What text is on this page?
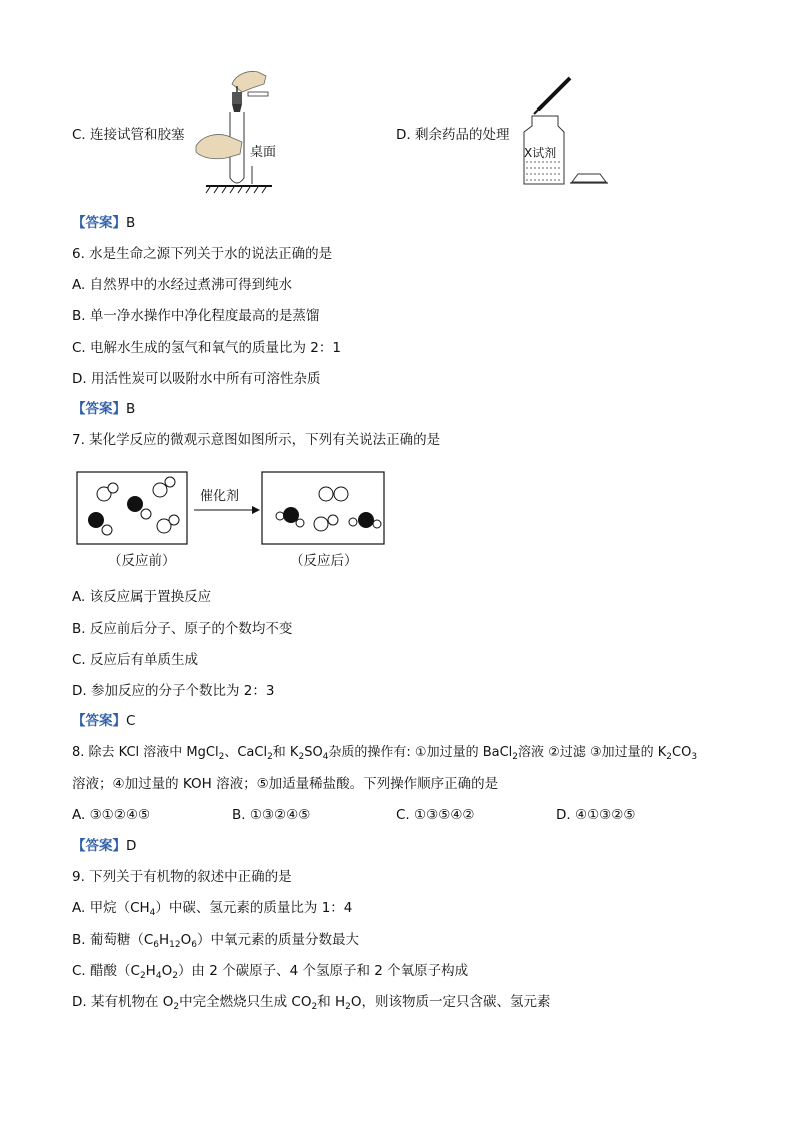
C. 连接试管和胶塞
桌面
D. 剩余药品的处理
X试剂
【答案】B
6. 水是生命之源下列关于水的说法正确的是
A. 自然界中的水经过煮沸可得到纯水
B. 单一净水操作中净化程度最高的是蒸馏
C. 电解水生成的氢气和氧气的质量比为 2：1
D. 用活性炭可以吸附水中所有可溶性杂质
【答案】B
7. 某化学反应的微观示意图如图所示，下列有关说法正确的是
催化剂
（反应前）	（反应后）
A. 该反应属于置换反应
B. 反应前后分子、原子的个数均不变
C. 反应后有单质生成
D. 参加反应的分子个数比为 2：3
【答案】C
8. 除去 KCl 溶液中 MgCl$_2$、CaCl$_2$和 $K_2SO_4$杂质的操作有: ①加过量的 BaCl$_2$溶液 ②过滤 ③加过量的 $K_2CO_3$
溶液；④加过量的 KOH 溶液；⑤加适量稀盐酸。下列操作顺序正确的是
A. ③①②④⑤	B. ①③②④⑤	C. ①③⑤④②	D. ④①③②⑤
【答案】D
9. 下列关于有机物的叙述中正确的是
A. 甲烷$(CH_4)$中碳、氢元素的质量比为 1：4
B. 葡萄糖$(C_6H_{12}O_6)$中氧元素的质量分数最大
C. 醋酸$(C_2H_4O_2)$由 2 个碳原子、4 个氢原子和 2 个氧原子构成
D. 某有机物在 $O_2$中完全燃烧只生成 $CO_2$和 $H_2O$，则该物质一定只含碳、氢元素
